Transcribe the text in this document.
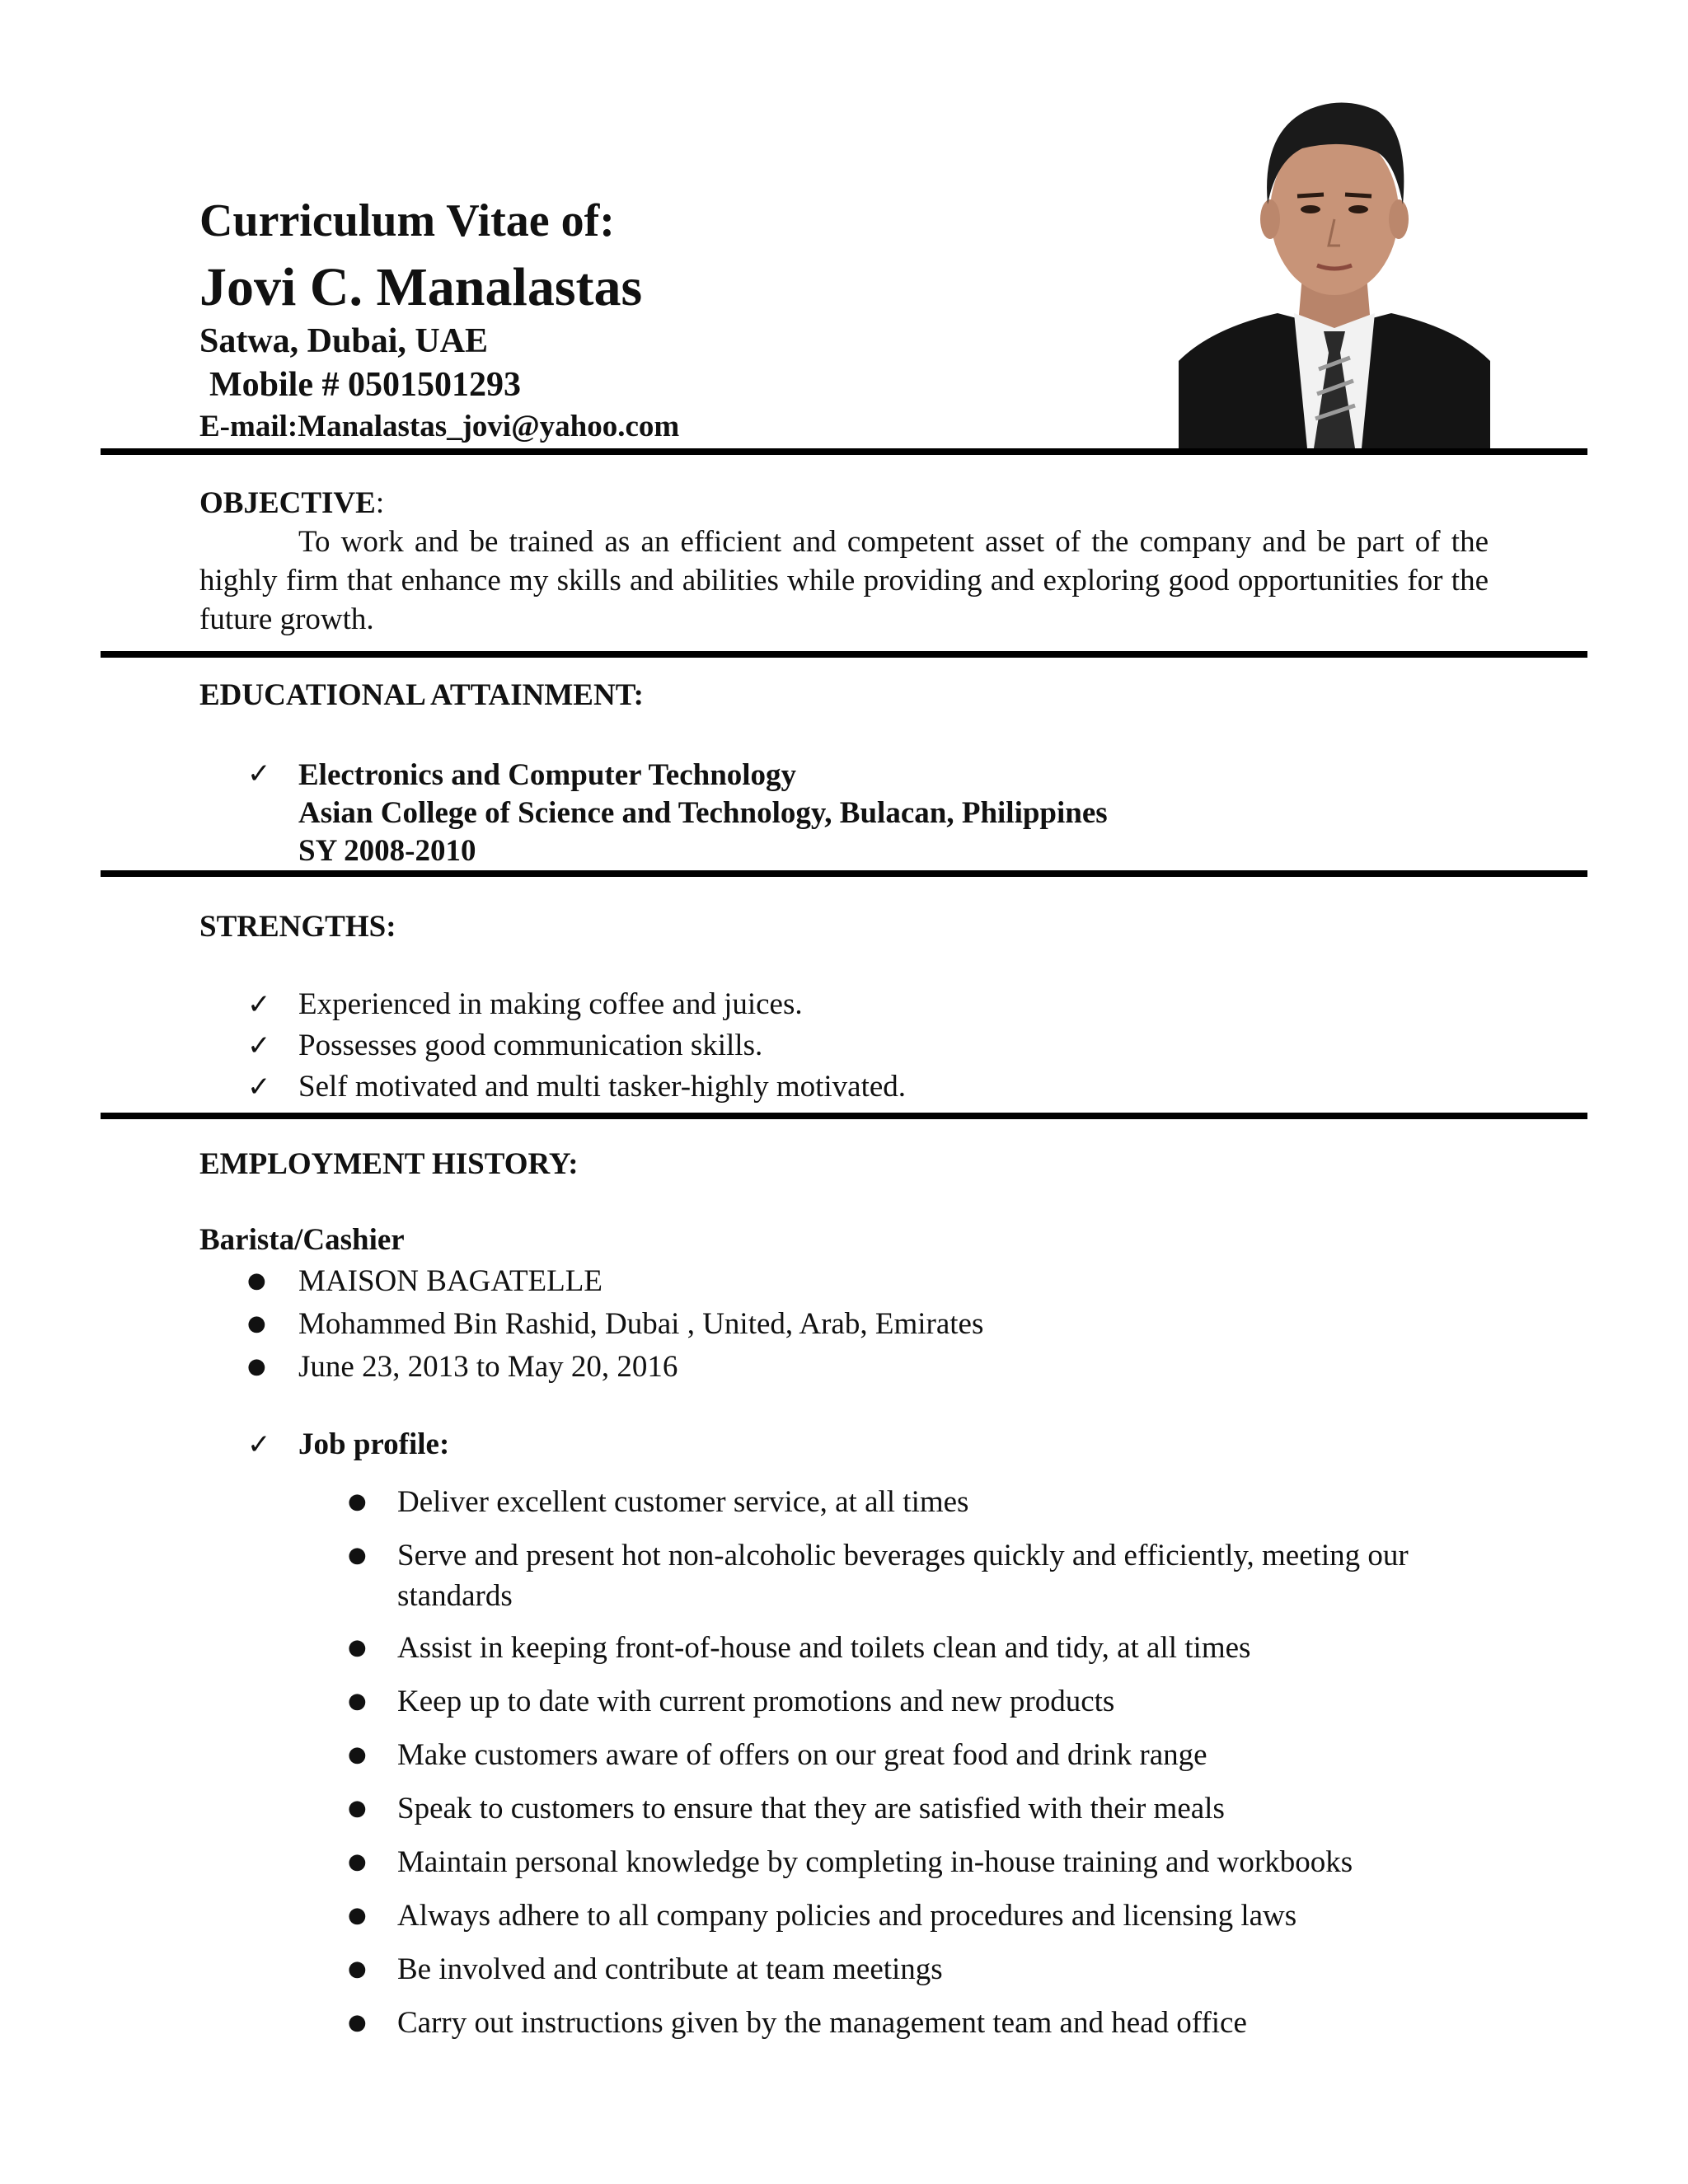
Curriculum Vitae of:
Jovi C. Manalastas
Satwa, Dubai, UAE
Mobile # 0501501293
E-mail:Manalastas_jovi@yahoo.com
OBJECTIVE:
To work and be trained as an efficient and competent asset of the company and be part of the highly firm that enhance my skills and abilities while providing and exploring good opportunities for the future growth.
EDUCATIONAL ATTAINMENT:
✓ Electronics and Computer Technology
Asian College of Science and Technology, Bulacan, Philippines
SY 2008-2010
STRENGTHS:
✓ Experienced in making coffee and juices.
✓ Possesses good communication skills.
✓ Self motivated and multi tasker-highly motivated.
EMPLOYMENT HISTORY:
Barista/Cashier
● MAISON BAGATELLE
● Mohammed Bin Rashid, Dubai , United, Arab, Emirates
● June 23, 2013 to May 20, 2016
✓ Job profile:
● Deliver excellent customer service, at all times
● Serve and present hot non-alcoholic beverages quickly and efficiently, meeting our standards
● Assist in keeping front-of-house and toilets clean and tidy, at all times
● Keep up to date with current promotions and new products
● Make customers aware of offers on our great food and drink range
● Speak to customers to ensure that they are satisfied with their meals
● Maintain personal knowledge by completing in-house training and workbooks
● Always adhere to all company policies and procedures and licensing laws
● Be involved and contribute at team meetings
● Carry out instructions given by the management team and head office
